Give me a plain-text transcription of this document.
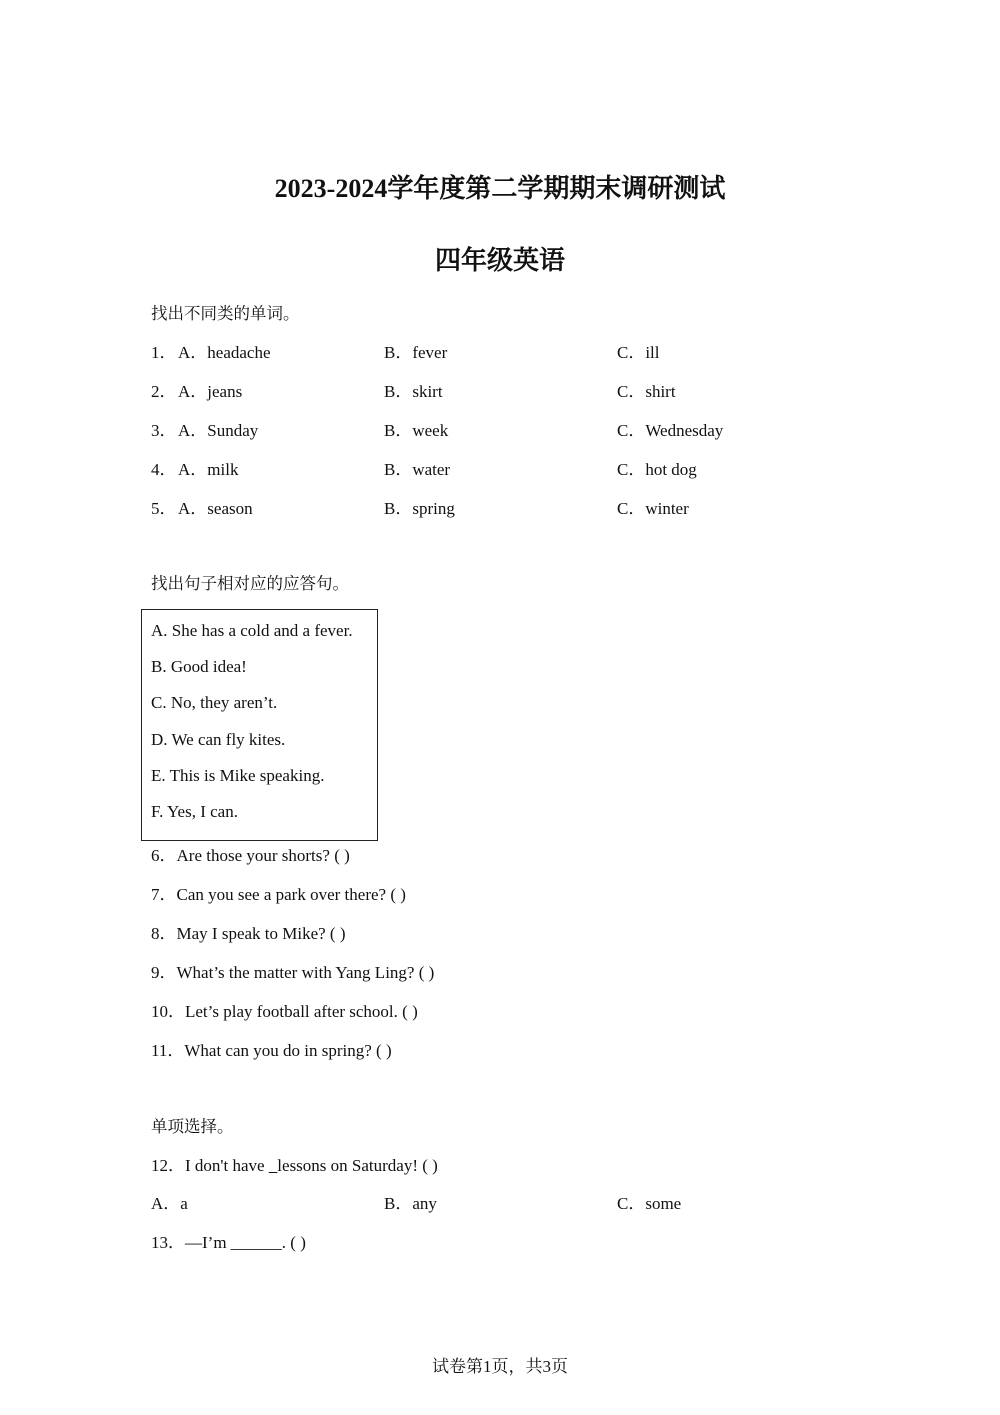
2023-2024学年度第二学期期末调研测试
四年级英语
找出不同类的单词。
1． A．headache	B．fever	C．ill
2． A．jeans	B．skirt	C．shirt
3． A．Sunday	B．week	C．Wednesday
4． A．milk	B．water	C．hot dog
5． A．season	B．spring	C．winter
找出句子相对应的应答句。
A. She has a cold and a fever.
B. Good idea!
C. No, they aren’t.
D. We can fly kites.
E. This is Mike speaking.
F. Yes, I can.
6．Are those your shorts? ( )
7．Can you see a park over there? ( )
8．May I speak to Mike? ( )
9．What’s the matter with Yang Ling? ( )
10．Let’s play football after school. ( )
11．What can you do in spring? ( )
单项选择。
12．I don't have   lessons on Saturday! ( )
A．a	B．any	C．some
13．—I’m ______. ( )
试卷第1页，共3页
